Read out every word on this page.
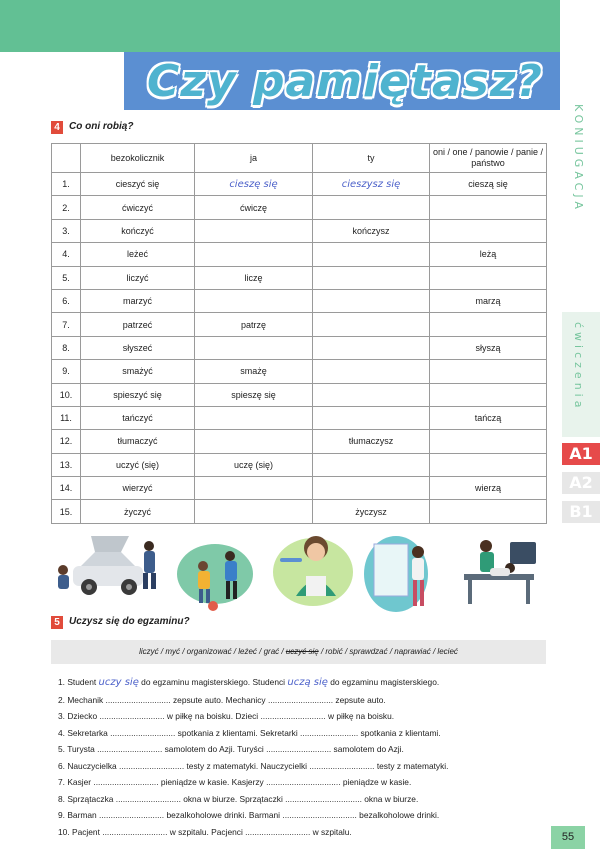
Czy pamiętasz?
KONIUGACJA
ćwiczenia
A1
A2
B1
4 Co oni robią?
	bezokolicznik	ja	ty	oni / one / panowie / panie / państwo
1.	cieszyć się	cieszę się	cieszysz się	cieszą się
2.	ćwiczyć	ćwiczę		
3.	kończyć		kończysz	
4.	leżeć			leżą
5.	liczyć	liczę		
6.	marzyć			marzą
7.	patrzeć	patrzę		
8.	słyszeć			słyszą
9.	smażyć	smażę		
10.	spieszyć się	spieszę się		
11.	tańczyć			tańczą
12.	tłumaczyć		tłumaczysz	
13.	uczyć (się)	uczę (się)		
14.	wierzyć			wierzą
15.	życzyć		życzysz	
5 Uczysz się do egzaminu?
liczyć / myć / organizować / leżeć / grać / uczyć się / robić / sprawdzać / naprawiać / lecieć
1. Student uczy się do egzaminu magisterskiego. Studenci uczą się do egzaminu magisterskiego.
2. Mechanik ............................ zepsute auto. Mechanicy ............................ zepsute auto.
3. Dziecko ............................ w piłkę na boisku. Dzieci ............................ w piłkę na boisku.
4. Sekretarka ............................ spotkania z klientami. Sekretarki ......................... spotkania z klientami.
5. Turysta ............................ samolotem do Azji. Turyści ............................ samolotem do Azji.
6. Nauczycielka ............................ testy z matematyki. Nauczycielki ............................ testy z matematyki.
7. Kasjer ............................ pieniądze w kasie. Kasjerzy ................................ pieniądze w kasie.
8. Sprzątaczka ............................ okna w biurze. Sprzątaczki ................................. okna w biurze.
9. Barman ............................ bezalkoholowe drinki. Barmani ................................ bezalkoholowe drinki.
10. Pacjent ............................ w szpitalu. Pacjenci ............................ w szpitalu.	55
